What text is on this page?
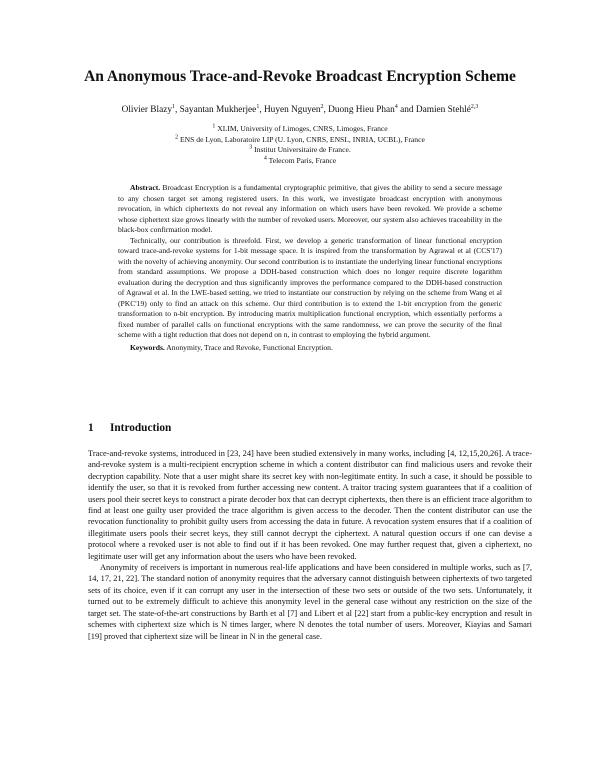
An Anonymous Trace-and-Revoke Broadcast Encryption Scheme
Olivier Blazy$^1$, Sayantan Mukherjee$^1$, Huyen Nguyen$^2$, Duong Hieu Phan$^4$ and Damien Stehlé$^{2,3}$
$^1$ XLIM, University of Limoges, CNRS, Limoges, France
$^2$ ENS de Lyon, Laboratoire LIP (U. Lyon, CNRS, ENSL, INRIA, UCBL), France
$^3$ Institut Universitaire de France.
$^4$ Telecom Paris, France

Abstract. Broadcast Encryption is a fundamental cryptographic primitive, that gives the ability to send a secure message to any chosen target set among registered users. In this work, we investigate broadcast encryption with anonymous revocation, in which ciphertexts do not reveal any information on which users have been revoked. We provide a scheme whose ciphertext size grows linearly with the number of revoked users. Moreover, our system also achieves traceability in the black-box confirmation model.

Technically, our contribution is threefold. First, we develop a generic transformation of linear functional encryption toward trace-and-revoke systems for 1-bit message space. It is inspired from the transformation by Agrawal et al (CCS'17) with the novelty of achieving anonymity. Our second contribution is to instantiate the underlying linear functional encryptions from standard assumptions. We propose a DDH-based construction which does no longer require discrete logarithm evaluation during the decryption and thus significantly improves the performance compared to the DDH-based construction of Agrawal et al. In the LWE-based setting, we tried to instantiate our construction by relying on the scheme from Wang et al (PKC'19) only to find an attack on this scheme. Our third contribution is to extend the 1-bit encryption from the generic transformation to n-bit encryption. By introducing matrix multiplication functional encryption, which essentially performs a fixed number of parallel calls on functional encryptions with the same randomness, we can prove the security of the final scheme with a tight reduction that does not depend on n, in contrast to employing the hybrid argument.

Keywords. Anonymity, Trace and Revoke, Functional Encryption.

1 Introduction

Trace-and-revoke systems, introduced in [23, 24] have been studied extensively in many works, including [4, 12,15,20,26]. A trace-and-revoke system is a multi-recipient encryption scheme in which a content distributor can find malicious users and revoke their decryption capability. Note that a user might share its secret key with non-legitimate entity. In such a case, it should be possible to identify the user, so that it is revoked from further accessing new content. A traitor tracing system guarantees that if a coalition of users pool their secret keys to construct a pirate decoder box that can decrypt ciphertexts, then there is an efficient trace algorithm to find at least one guilty user provided the trace algorithm is given access to the decoder. Then the content distributor can use the revocation functionality to prohibit guilty users from accessing the data in future. A revocation system ensures that if a coalition of illegitimate users pools their secret keys, they still cannot decrypt the ciphertext. A natural question occurs if one can devise a protocol where a revoked user is not able to find out if it has been revoked. One may further request that, given a ciphertext, no legitimate user will get any information about the users who have been revoked.

Anonymity of receivers is important in numerous real-life applications and have been considered in multiple works, such as [7, 14, 17, 21, 22]. The standard notion of anonymity requires that the adversary cannot distinguish between ciphertexts of two targeted sets of its choice, even if it can corrupt any user in the intersection of these two sets or outside of the two sets. Unfortunately, it turned out to be extremely difficult to achieve this anonymity level in the general case without any restriction on the size of the target set. The state-of-the-art constructions by Barth et al [7] and Libert et al [22] start from a public-key encryption and result in schemes with ciphertext size which is N times larger, where N denotes the total number of users. Moreover, Kiayias and Samari [19] proved that ciphertext size will be linear in N in the general case.
